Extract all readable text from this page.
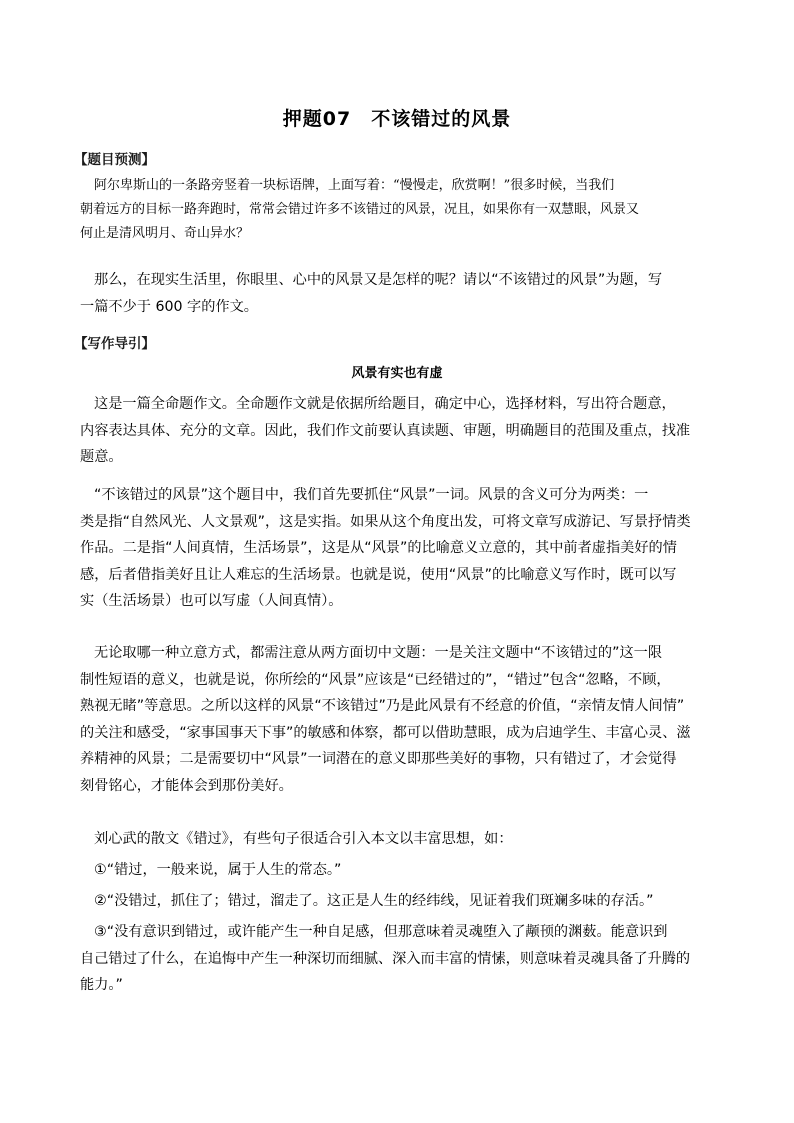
押题07　不该错过的风景
【题目预测】
阿尔卑斯山的一条路旁竖着一块标语牌，上面写着：“慢慢走，欣赏啊！”很多时候，当我们
朝着远方的目标一路奔跑时，常常会错过许多不该错过的风景，况且，如果你有一双慧眼，风景又
何止是清风明月、奇山异水？
那么，在现实生活里，你眼里、心中的风景又是怎样的呢？请以“不该错过的风景”为题，写
一篇不少于 600 字的作文。
【写作导引】
风景有实也有虚
这是一篇全命题作文。全命题作文就是依据所给题目，确定中心，选择材料，写出符合题意，
内容表达具体、充分的文章。因此，我们作文前要认真读题、审题，明确题目的范围及重点，找准
题意。
“不该错过的风景”这个题目中，我们首先要抓住“风景”一词。风景的含义可分为两类：一
类是指“自然风光、人文景观”，这是实指。如果从这个角度出发，可将文章写成游记、写景抒情类
作品。二是指“人间真情，生活场景”，这是从“风景”的比喻意义立意的，其中前者虚指美好的情
感，后者借指美好且让人难忘的生活场景。也就是说，使用“风景”的比喻意义写作时，既可以写
实（生活场景）也可以写虚（人间真情）。
无论取哪一种立意方式，都需注意从两方面切中文题：一是关注文题中“不该错过的”这一限
制性短语的意义，也就是说，你所绘的“风景”应该是“已经错过的”，“错过”包含“忽略，不顾，
熟视无睹”等意思。之所以这样的风景“不该错过”乃是此风景有不经意的价值，“亲情友情人间情”
的关注和感受，“家事国事天下事”的敏感和体察，都可以借助慧眼，成为启迪学生、丰富心灵、滋
养精神的风景；二是需要切中“风景”一词潜在的意义即那些美好的事物，只有错过了，才会觉得
刻骨铭心，才能体会到那份美好。
刘心武的散文《错过》，有些句子很适合引入本文以丰富思想，如：
①“错过，一般来说，属于人生的常态。”
②“没错过，抓住了；错过，溜走了。这正是人生的经纬线，见证着我们斑斓多味的存活。”
③“没有意识到错过，或许能产生一种自足感，但那意味着灵魂堕入了颟顸的渊薮。能意识到
自己错过了什么，在追悔中产生一种深切而细腻、深入而丰富的情愫，则意味着灵魂具备了升腾的
能力。”
